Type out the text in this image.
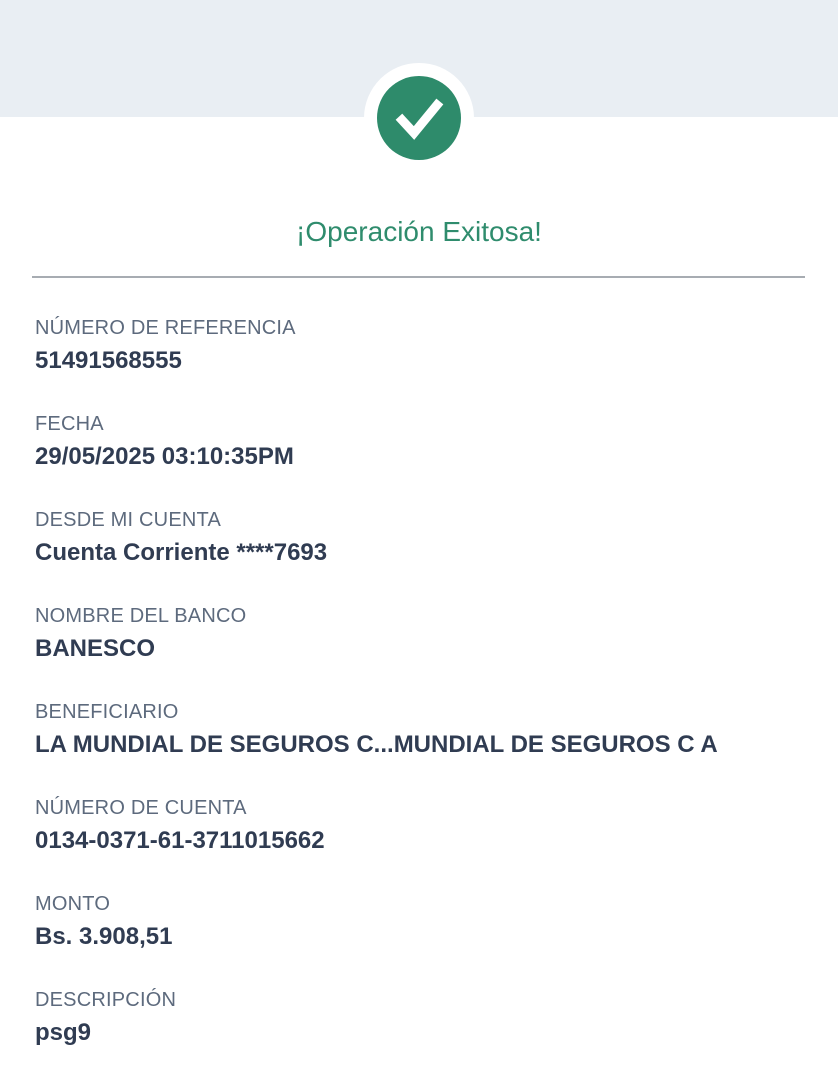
¡Operación Exitosa!
NÚMERO DE REFERENCIA
51491568555
FECHA
29/05/2025 03:10:35PM
DESDE MI CUENTA
Cuenta Corriente ****7693
NOMBRE DEL BANCO
BANESCO
BENEFICIARIO
LA MUNDIAL DE SEGUROS C...MUNDIAL DE SEGUROS C A
NÚMERO DE CUENTA
0134-0371-61-3711015662
MONTO
Bs. 3.908,51
DESCRIPCIÓN
psg9
